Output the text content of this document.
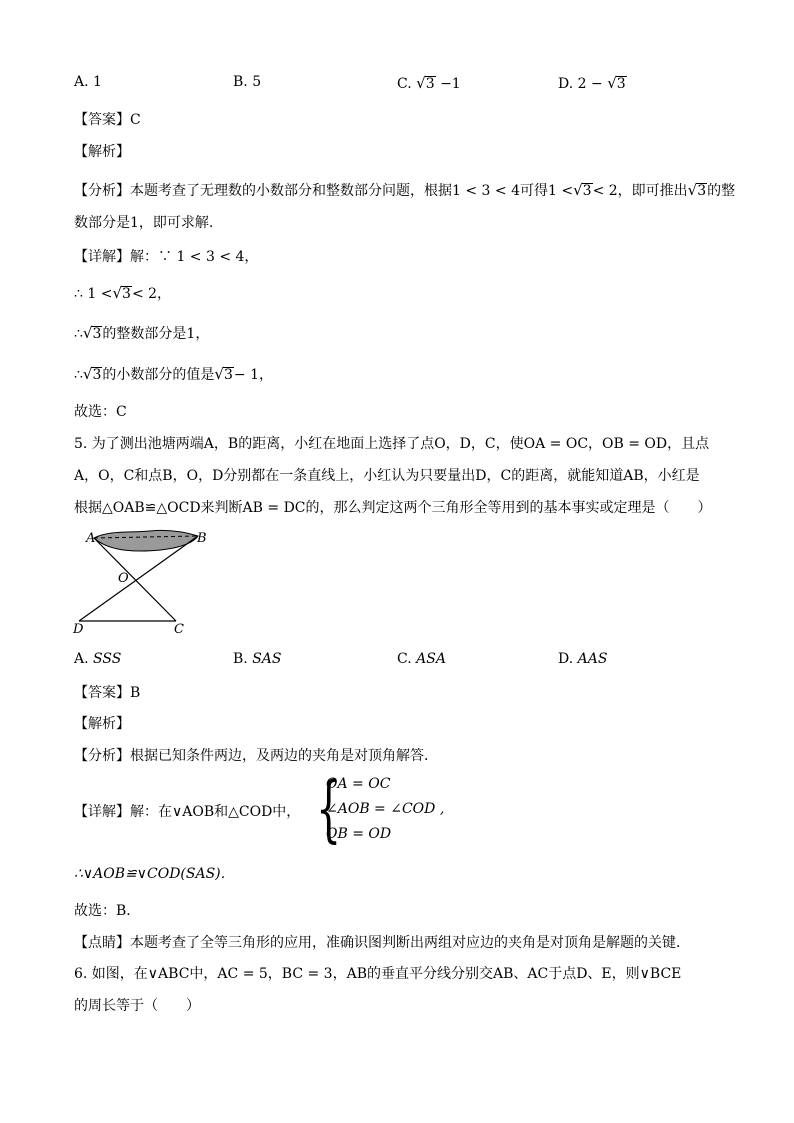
A. 1	B. 5	C. √3 −1	D. 2 − √3
【答案】C
【解析】
【分析】本题考查了无理数的小数部分和整数部分问题，根据1 < 3 < 4可得1 <√3< 2，即可推出√3的整
数部分是1，即可求解.
【详解】解：∵ 1 < 3 < 4，
∴ 1 <√3< 2，
∴√3的整数部分是1，
∴√3的小数部分的值是√3− 1，
故选：C
5. 为了测出池塘两端A，B的距离，小红在地面上选择了点O，D，C，使OA = OC，OB = OD，且点
A，O，C和点B，O，D分别都在一条直线上，小红认为只要量出D，C的距离，就能知道AB，小红是
根据△OAB≌△OCD来判断AB = DC的，那么判定这两个三角形全等用到的基本事实或定理是（　　）
A	B
O
D	C
A. SSS	B. SAS	C. ASA	D. AAS
【答案】B
【解析】
【分析】根据已知条件两边，及两边的夹角是对顶角解答．
【详解】解：在∨AOB和△COD中， {
OA = OC
∠AOB = ∠COD ,
OB = OD
∴∨AOB≌∨COD(SAS)．
故选：B．
【点睛】本题考查了全等三角形的应用，准确识图判断出两组对应边的夹角是对顶角是解题的关键．
6. 如图，在∨ABC中，AC = 5，BC = 3，AB的垂直平分线分别交AB、AC于点D、E，则∨BCE
的周长等于（　　）
